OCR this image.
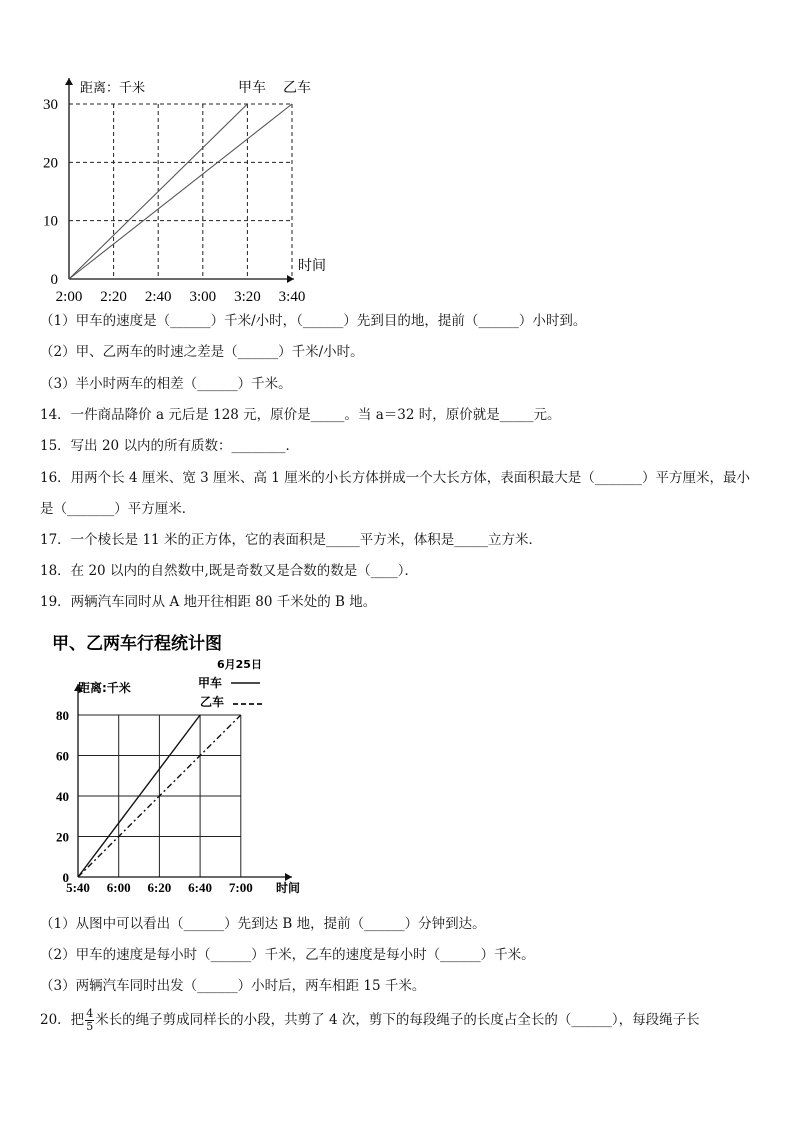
2:00 2:20 2:40 3:00 3:20 3:40
0
10
20
30
距离：千米
时间
甲车 乙车
（1）甲车的速度是（______）千米/小时，（______）先到目的地，提前（______）小时到。
（2）甲、乙两车的时速之差是（______）千米/小时。
（3）半小时两车的相差（______）千米。
14．一件商品降价 a 元后是 128 元，原价是_____。当 a＝32 时，原价就是_____元。
15．写出 20 以内的所有质数：________．
16．用两个长 4 厘米、宽 3 厘米、高 1 厘米的小长方体拼成一个大长方体，表面积最大是（_______）平方厘米，最小
是（_______）平方厘米．
17．一个棱长是 11 米的正方体，它的表面积是_____平方米，体积是_____立方米．
18．在 20 以内的自然数中,既是奇数又是合数的数是（____）．
19．两辆汽车同时从 A 地开往相距 80 千米处的 B 地。
甲、乙两车行程统计图
6月25日
5:40 6:00 6:20 6:40 7:00
0
20
40
60
80
距离:千米
时间
甲车
乙车
（1）从图中可以看出（______）先到达 B 地，提前（______）分钟到达。
（2）甲车的速度是每小时（______）千米，乙车的速度是每小时（______）千米。
（3）两辆汽车同时出发（______）小时后，两车相距 15 千米。
20．把 $\frac{4}{5}$ 米长的绳子剪成同样长的小段，共剪了 4 次，剪下的每段绳子的长度占全长的（______），每段绳子长
